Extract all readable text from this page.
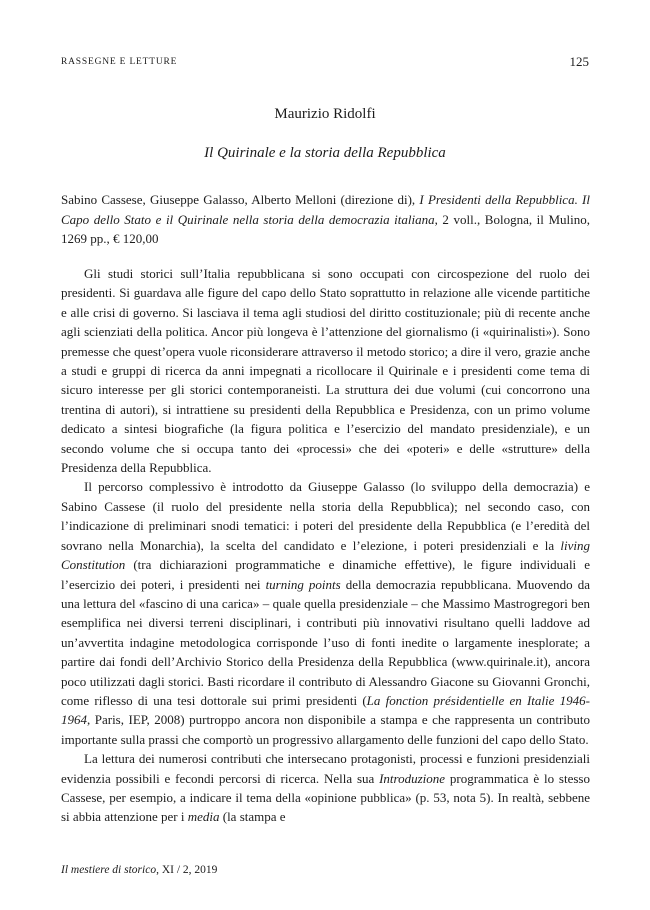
RASSEGNE E LETTURE	125
Maurizio Ridolfi
Il Quirinale e la storia della Repubblica
Sabino Cassese, Giuseppe Galasso, Alberto Melloni (direzione di), I Presidenti della Repubblica. Il Capo dello Stato e il Quirinale nella storia della democrazia italiana, 2 voll., Bologna, il Mulino, 1269 pp., € 120,00

Gli studi storici sull’Italia repubblicana si sono occupati con circospezione del ruolo dei presidenti. Si guardava alle figure del capo dello Stato soprattutto in relazione alle vicende partitiche e alle crisi di governo. Si lasciava il tema agli studiosi del diritto costituzionale; più di recente anche agli scienziati della politica. Ancor più longeva è l’attenzione del giornalismo (i «quirinalisti»). Sono premesse che quest’opera vuole riconsiderare attraverso il metodo storico; a dire il vero, grazie anche a studi e gruppi di ricerca da anni impegnati a ricollocare il Quirinale e i presidenti come tema di sicuro interesse per gli storici contemporaneisti. La struttura dei due volumi (cui concorrono una trentina di autori), si intrattiene su presidenti della Repubblica e Presidenza, con un primo volume dedicato a sintesi biografiche (la figura politica e l’esercizio del mandato presidenziale), e un secondo volume che si occupa tanto dei «processi» che dei «poteri» e delle «strutture» della Presidenza della Repubblica.

Il percorso complessivo è introdotto da Giuseppe Galasso (lo sviluppo della democrazia) e Sabino Cassese (il ruolo del presidente nella storia della Repubblica); nel secondo caso, con l’indicazione di preliminari snodi tematici: i poteri del presidente della Repubblica (e l’eredità del sovrano nella Monarchia), la scelta del candidato e l’elezione, i poteri presidenziali e la living Constitution (tra dichiarazioni programmatiche e dinamiche effettive), le figure individuali e l’esercizio dei poteri, i presidenti nei turning points della democrazia repubblicana. Muovendo da una lettura del «fascino di una carica» – quale quella presidenziale – che Massimo Mastrogregori ben esemplifica nei diversi terreni disciplinari, i contributi più innovativi risultano quelli laddove ad un’avvertita indagine metodologica corrisponde l’uso di fonti inedite o largamente inesplorate; a partire dai fondi dell’Archivio Storico della Presidenza della Repubblica (www.quirinale.it), ancora poco utilizzati dagli storici. Basti ricordare il contributo di Alessandro Giacone su Giovanni Gronchi, come riflesso di una tesi dottorale sui primi presidenti (La fonction présidentielle en Italie 1946-1964, Paris, IEP, 2008) purtroppo ancora non disponibile a stampa e che rappresenta un contributo importante sulla prassi che comportò un progressivo allargamento delle funzioni del capo dello Stato.

La lettura dei numerosi contributi che intersecano protagonisti, processi e funzioni presidenziali evidenzia possibili e fecondi percorsi di ricerca. Nella sua Introduzione programmatica è lo stesso Cassese, per esempio, a indicare il tema della «opinione pubblica» (p. 53, nota 5). In realtà, sebbene si abbia attenzione per i media (la stampa e

Il mestiere di storico, XI / 2, 2019
